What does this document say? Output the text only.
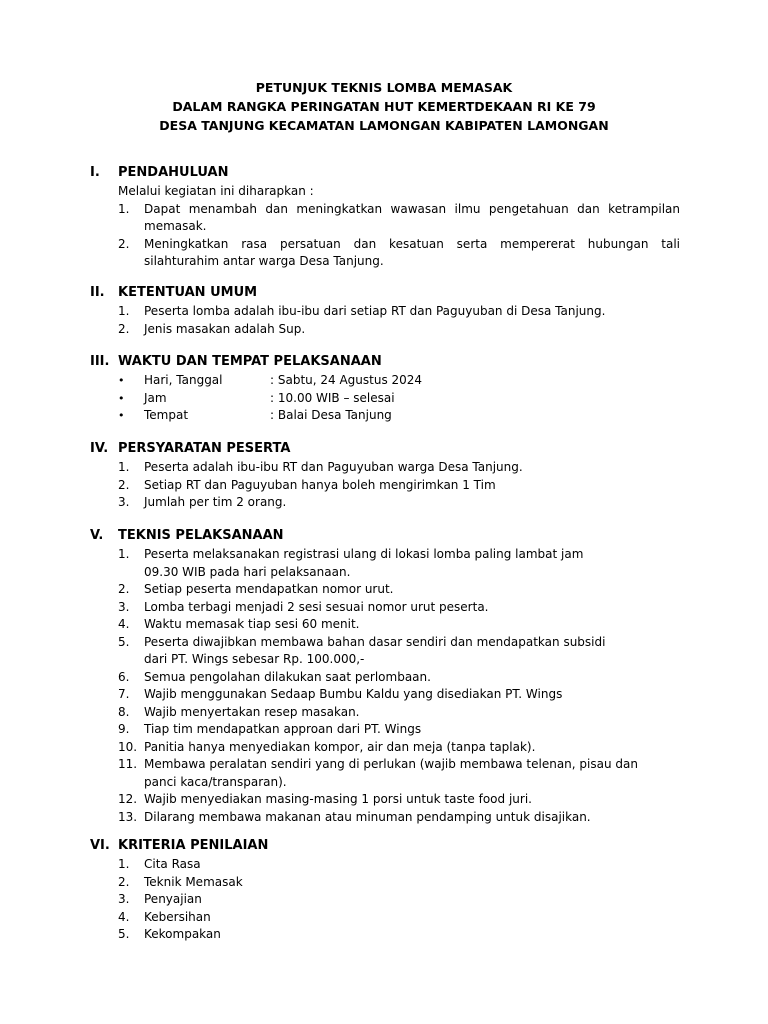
PETUNJUK TEKNIS LOMBA MEMASAK
DALAM RANGKA PERINGATAN HUT KEMERTDEKAAN RI KE 79
DESA TANJUNG KECAMATAN LAMONGAN KABIPATEN LAMONGAN
I.	PENDAHULUAN
Melalui kegiatan ini diharapkan :
1.	Dapat menambah dan meningkatkan wawasan ilmu pengetahuan dan ketrampilan memasak.
2.	Meningkatkan rasa persatuan dan kesatuan serta mempererat hubungan tali silahturahim antar warga Desa Tanjung.
II.	KETENTUAN UMUM
1.	Peserta lomba adalah ibu-ibu dari setiap RT dan Paguyuban di Desa Tanjung.
2.	Jenis masakan adalah Sup.
III. WAKTU DAN TEMPAT PELAKSANAAN
•	Hari, Tanggal	: Sabtu, 24 Agustus 2024
•	Jam	: 10.00 WIB – selesai
•	Tempat	: Balai Desa Tanjung
IV. PERSYARATAN PESERTA
1.	Peserta adalah ibu-ibu RT dan Paguyuban warga Desa Tanjung.
2.	Setiap RT dan Paguyuban hanya boleh mengirimkan 1 Tim
3.	Jumlah per tim 2 orang.
V.	TEKNIS PELAKSANAAN
1.	Peserta melaksanakan registrasi ulang di lokasi lomba paling lambat jam 09.30 WIB pada hari pelaksanaan.
2.	Setiap peserta mendapatkan nomor urut.
3.	Lomba terbagi menjadi 2 sesi sesuai nomor urut peserta.
4.	Waktu memasak tiap sesi 60 menit.
5.	Peserta diwajibkan membawa bahan dasar sendiri dan mendapatkan subsidi dari PT. Wings sebesar Rp. 100.000,-
6.	Semua pengolahan dilakukan saat perlombaan.
7.	Wajib menggunakan Sedaap Bumbu Kaldu yang disediakan PT. Wings
8.	Wajib menyertakan resep masakan.
9.	Tiap tim mendapatkan approan dari PT. Wings
10. Panitia hanya menyediakan kompor, air dan meja (tanpa taplak).
11. Membawa peralatan sendiri yang di perlukan (wajib membawa telenan, pisau dan panci kaca/transparan).
12. Wajib menyediakan masing-masing 1 porsi untuk taste food juri.
13. Dilarang membawa makanan atau minuman pendamping untuk disajikan.
VI. KRITERIA PENILAIAN
1.	Cita Rasa
2.	Teknik Memasak
3.	Penyajian
4.	Kebersihan
5.	Kekompakan
